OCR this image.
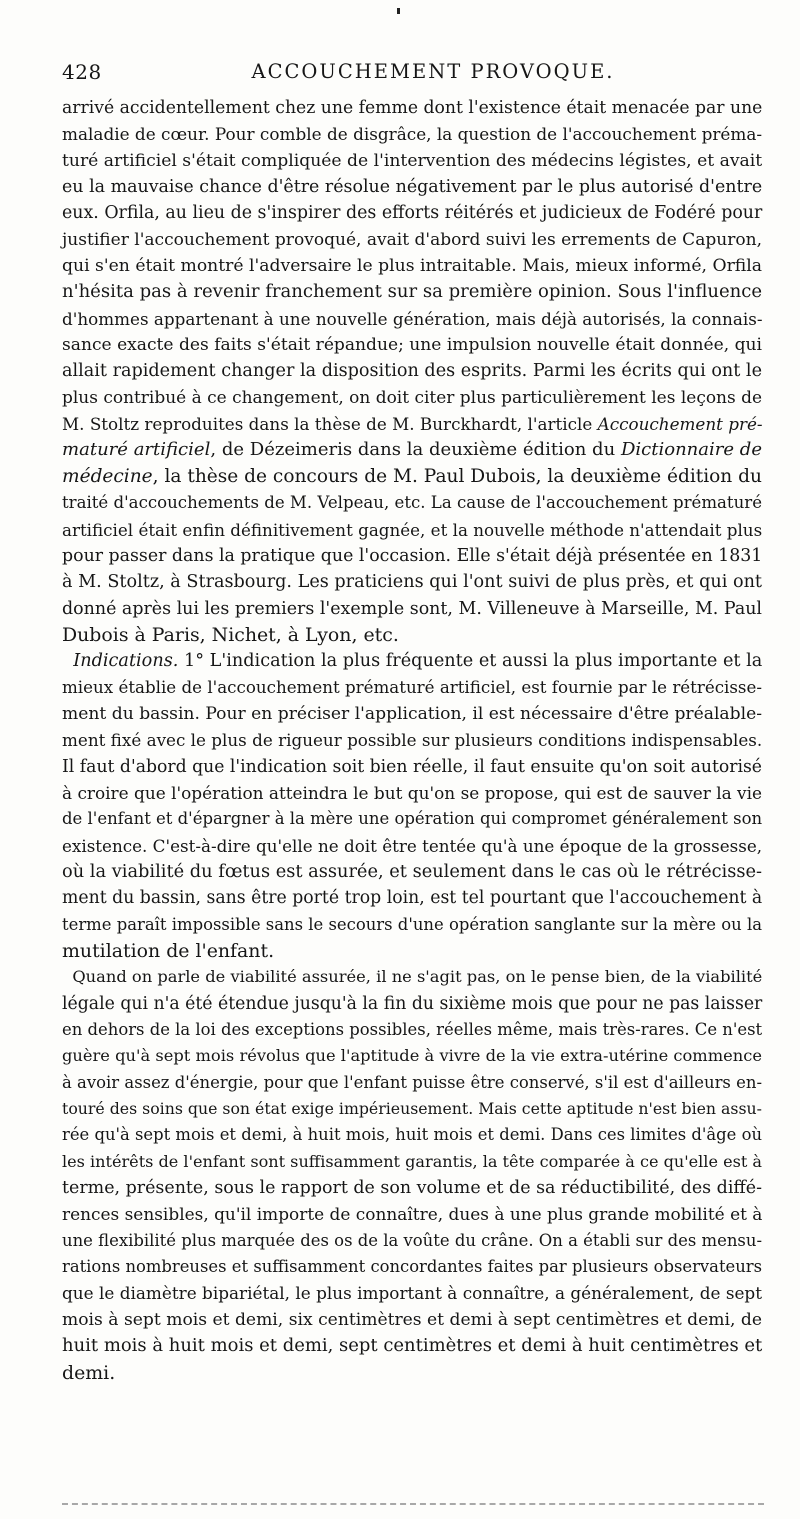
428	ACCOUCHEMENT PROVOQUE.

arrivé accidentellement chez une femme dont l'existence était menacée par une
maladie de cœur. Pour comble de disgrâce, la question de l'accouchement préma-
turé artificiel s'était compliquée de l'intervention des médecins légistes, et avait
eu la mauvaise chance d'être résolue négativement par le plus autorisé d'entre
eux. Orfila, au lieu de s'inspirer des efforts réitérés et judicieux de Fodéré pour
justifier l'accouchement provoqué, avait d'abord suivi les errements de Capuron,
qui s'en était montré l'adversaire le plus intraitable. Mais, mieux informé, Orfila
n'hésita pas à revenir franchement sur sa première opinion. Sous l'influence
d'hommes appartenant à une nouvelle génération, mais déjà autorisés, la connais-
sance exacte des faits s'était répandue; une impulsion nouvelle était donnée, qui
allait rapidement changer la disposition des esprits. Parmi les écrits qui ont le
plus contribué à ce changement, on doit citer plus particulièrement les leçons de
M. Stoltz reproduites dans la thèse de M. Burckhardt, l'article Accouchement pré-
maturé artificiel, de Dézeimeris dans la deuxième édition du Dictionnaire de
médecine, la thèse de concours de M. Paul Dubois, la deuxième édition du
traité d'accouchements de M. Velpeau, etc. La cause de l'accouchement prématuré
artificiel était enfin définitivement gagnée, et la nouvelle méthode n'attendait plus
pour passer dans la pratique que l'occasion. Elle s'était déjà présentée en 1831
à M. Stoltz, à Strasbourg. Les praticiens qui l'ont suivi de plus près, et qui ont
donné après lui les premiers l'exemple sont, M. Villeneuve à Marseille, M. Paul
Dubois à Paris, Nichet, à Lyon, etc.

Indications. 1° L'indication la plus fréquente et aussi la plus importante et la
mieux établie de l'accouchement prématuré artificiel, est fournie par le rétrécisse-
ment du bassin. Pour en préciser l'application, il est nécessaire d'être préalable-
ment fixé avec le plus de rigueur possible sur plusieurs conditions indispensables.
Il faut d'abord que l'indication soit bien réelle, il faut ensuite qu'on soit autorisé
à croire que l'opération atteindra le but qu'on se propose, qui est de sauver la vie
de l'enfant et d'épargner à la mère une opération qui compromet généralement son
existence. C'est-à-dire qu'elle ne doit être tentée qu'à une époque de la grossesse,
où la viabilité du fœtus est assurée, et seulement dans le cas où le rétrécisse-
ment du bassin, sans être porté trop loin, est tel pourtant que l'accouchement à
terme paraît impossible sans le secours d'une opération sanglante sur la mère ou la
mutilation de l'enfant.

Quand on parle de viabilité assurée, il ne s'agit pas, on le pense bien, de la viabilité
légale qui n'a été étendue jusqu'à la fin du sixième mois que pour ne pas laisser
en dehors de la loi des exceptions possibles, réelles même, mais très-rares. Ce n'est
guère qu'à sept mois révolus que l'aptitude à vivre de la vie extra-utérine commence
à avoir assez d'énergie, pour que l'enfant puisse être conservé, s'il est d'ailleurs en-
touré des soins que son état exige impérieusement. Mais cette aptitude n'est bien assu-
rée qu'à sept mois et demi, à huit mois, huit mois et demi. Dans ces limites d'âge où
les intérêts de l'enfant sont suffisamment garantis, la tête comparée à ce qu'elle est à
terme, présente, sous le rapport de son volume et de sa réductibilité, des diffé-
rences sensibles, qu'il importe de connaître, dues à une plus grande mobilité et à
une flexibilité plus marquée des os de la voûte du crâne. On a établi sur des mensu-
rations nombreuses et suffisamment concordantes faites par plusieurs observateurs
que le diamètre bipariétal, le plus important à connaître, a généralement, de sept
mois à sept mois et demi, six centimètres et demi à sept centimètres et demi, de
huit mois à huit mois et demi, sept centimètres et demi à huit centimètres et
demi.
